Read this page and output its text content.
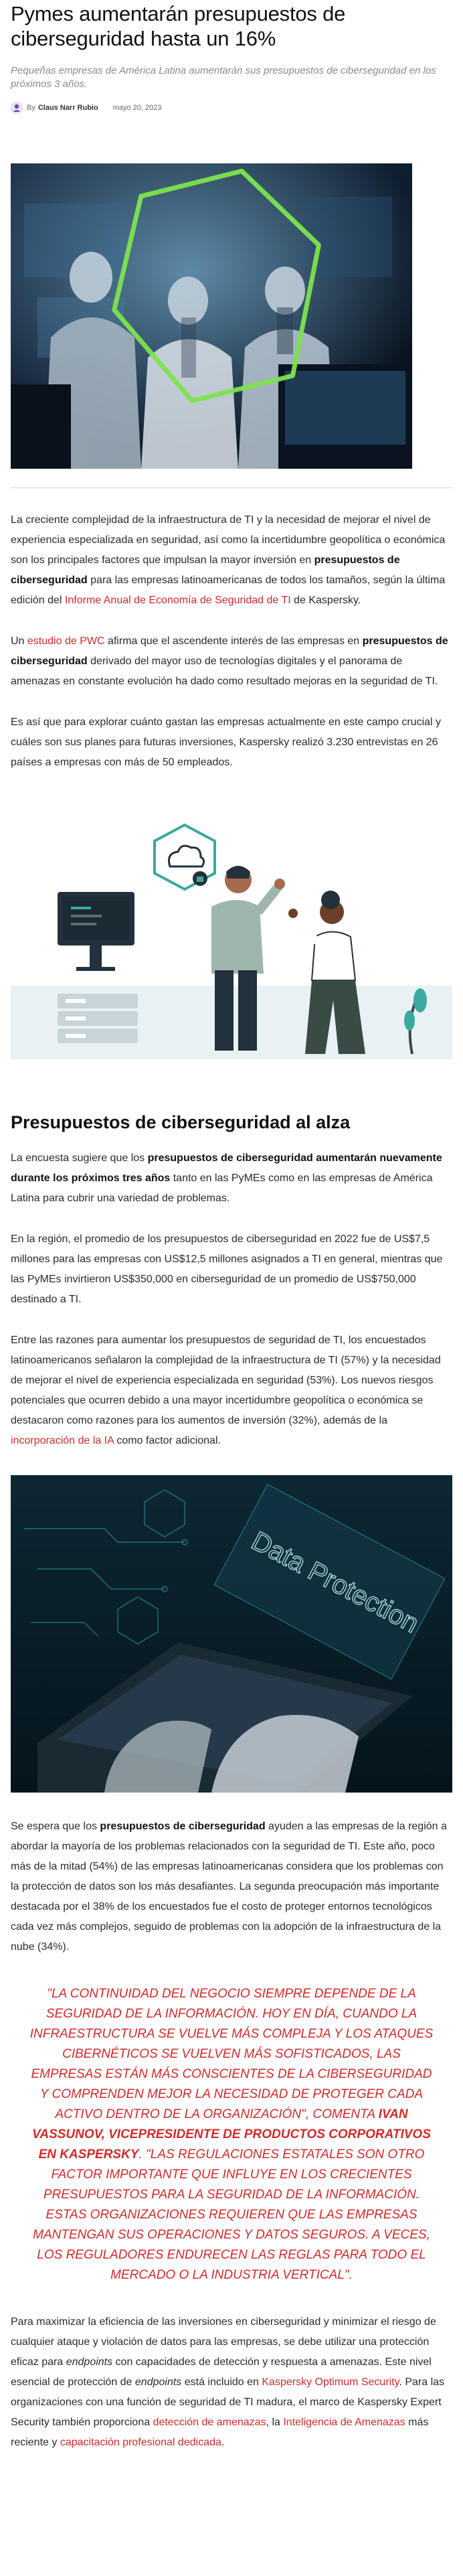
Pymes aumentarán presupuestos de ciberseguridad hasta un 16%

Pequeñas empresas de América Latina aumentarán sus presupuestos de ciberseguridad en los próximos 3 años.

By Claus Narr Rubio mayo 20, 2023

La creciente complejidad de la infraestructura de TI y la necesidad de mejorar el nivel de experiencia especializada en seguridad, así como la incertidumbre geopolítica o económica son los principales factores que impulsan la mayor inversión en presupuestos de ciberseguridad para las empresas latinoamericanas de todos los tamaños, según la última edición del Informe Anual de Economía de Seguridad de TI de Kaspersky.

Un estudio de PWC afirma que el ascendente interés de las empresas en presupuestos de ciberseguridad derivado del mayor uso de tecnologías digitales y el panorama de amenazas en constante evolución ha dado como resultado mejoras en la seguridad de TI.

Es así que para explorar cuánto gastan las empresas actualmente en este campo crucial y cuáles son sus planes para futuras inversiones, Kaspersky realizó 3.230 entrevistas en 26 países a empresas con más de 50 empleados.

Presupuestos de ciberseguridad al alza

La encuesta sugiere que los presupuestos de ciberseguridad aumentarán nuevamente durante los próximos tres años tanto en las PyMEs como en las empresas de América Latina para cubrir una variedad de problemas.

En la región, el promedio de los presupuestos de ciberseguridad en 2022 fue de US$7,5 millones para las empresas con US$12,5 millones asignados a TI en general, mientras que las PyMEs invirtieron US$350,000 en ciberseguridad de un promedio de US$750,000 destinado a TI.

Entre las razones para aumentar los presupuestos de seguridad de TI, los encuestados latinoamericanos señalaron la complejidad de la infraestructura de TI (57%) y la necesidad de mejorar el nivel de experiencia especializada en seguridad (53%). Los nuevos riesgos potenciales que ocurren debido a una mayor incertidumbre geopolítica o económica se destacaron como razones para los aumentos de inversión (32%), además de la incorporación de la IA como factor adicional.

Data Protection

Se espera que los presupuestos de ciberseguridad ayuden a las empresas de la región a abordar la mayoría de los problemas relacionados con la seguridad de TI. Este año, poco más de la mitad (54%) de las empresas latinoamericanas considera que los problemas con la protección de datos son los más desafiantes. La segunda preocupación más importante destacada por el 38% de los encuestados fue el costo de proteger entornos tecnológicos cada vez más complejos, seguido de problemas con la adopción de la infraestructura de la nube (34%).

"LA CONTINUIDAD DEL NEGOCIO SIEMPRE DEPENDE DE LA SEGURIDAD DE LA INFORMACIÓN. HOY EN DÍA, CUANDO LA INFRAESTRUCTURA SE VUELVE MÁS COMPLEJA Y LOS ATAQUES CIBERNÉTICOS SE VUELVEN MÁS SOFISTICADOS, LAS EMPRESAS ESTÁN MÁS CONSCIENTES DE LA CIBERSEGURIDAD Y COMPRENDEN MEJOR LA NECESIDAD DE PROTEGER CADA ACTIVO DENTRO DE LA ORGANIZACIÓN", COMENTA IVAN VASSUNOV, VICEPRESIDENTE DE PRODUCTOS CORPORATIVOS EN KASPERSKY. "LAS REGULACIONES ESTATALES SON OTRO FACTOR IMPORTANTE QUE INFLUYE EN LOS CRECIENTES PRESUPUESTOS PARA LA SEGURIDAD DE LA INFORMACIÓN. ESTAS ORGANIZACIONES REQUIEREN QUE LAS EMPRESAS MANTENGAN SUS OPERACIONES Y DATOS SEGUROS. A VECES, LOS REGULADORES ENDURECEN LAS REGLAS PARA TODO EL MERCADO O LA INDUSTRIA VERTICAL".

Para maximizar la eficiencia de las inversiones en ciberseguridad y minimizar el riesgo de cualquier ataque y violación de datos para las empresas, se debe utilizar una protección eficaz para endpoints con capacidades de detección y respuesta a amenazas. Este nivel esencial de protección de endpoints está incluido en Kaspersky Optimum Security. Para las organizaciones con una función de seguridad de TI madura, el marco de Kaspersky Expert Security también proporciona detección de amenazas, la Inteligencia de Amenazas más reciente y capacitación profesional dedicada.
